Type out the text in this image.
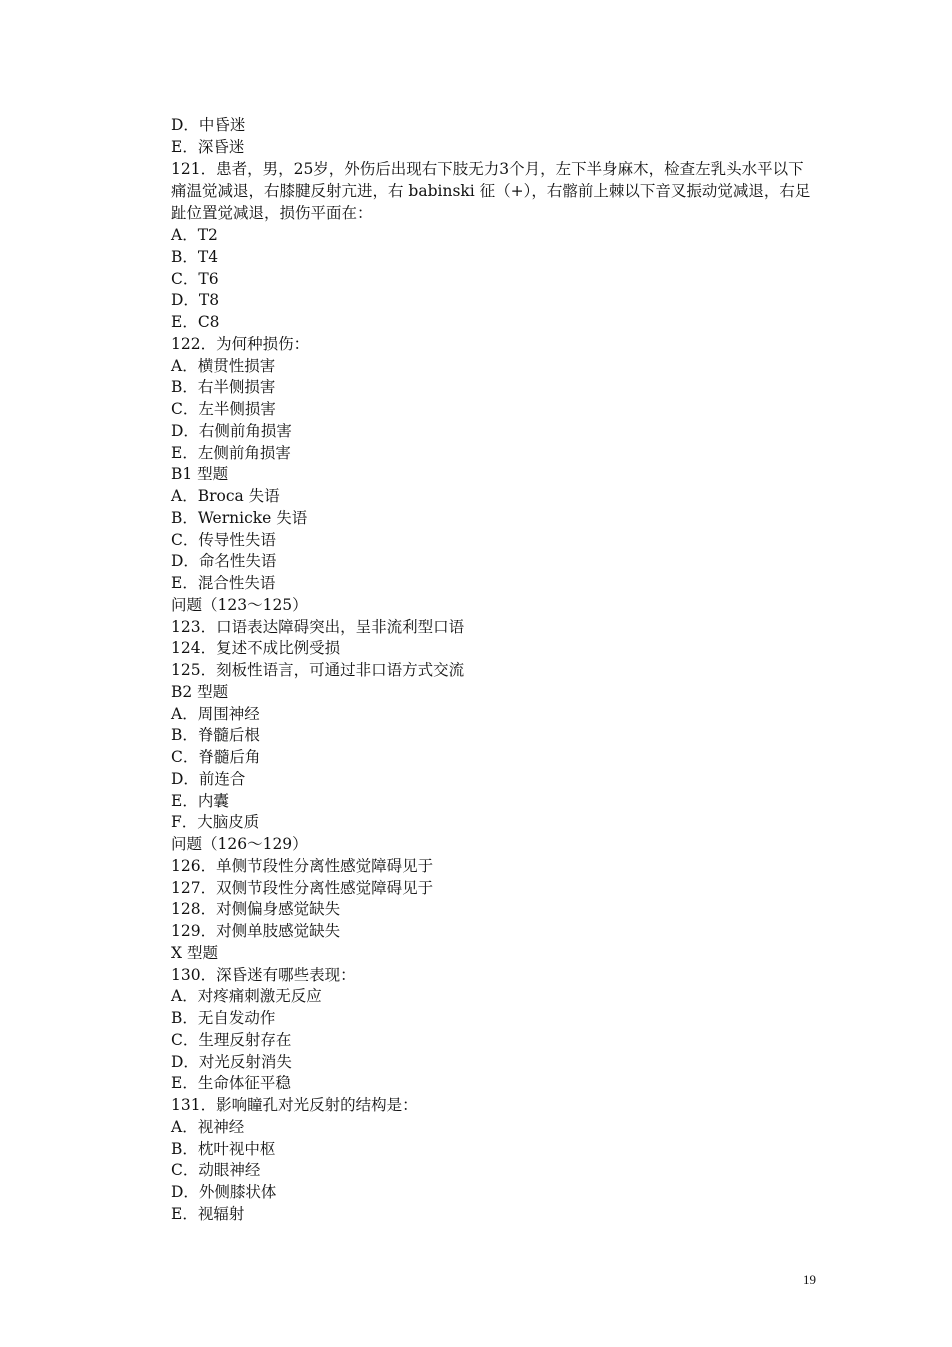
D．中昏迷
E．深昏迷
121．患者，男，25岁，外伤后出现右下肢无力3个月，左下半身麻木，检查左乳头水平以下痛温觉减退，右膝腱反射亢进，右 babinski 征（+），右髂前上棘以下音叉振动觉减退，右足趾位置觉减退，损伤平面在：
A．T2
B．T4
C．T6
D．T8
E．C8
122．为何种损伤：
A．横贯性损害
B．右半侧损害
C．左半侧损害
D．右侧前角损害
E．左侧前角损害
B1 型题
A．Broca 失语
B．Wernicke 失语
C．传导性失语
D．命名性失语
E．混合性失语
问题（123～125）
123．口语表达障碍突出，呈非流利型口语
124．复述不成比例受损
125．刻板性语言，可通过非口语方式交流
B2 型题
A．周围神经
B．脊髓后根
C．脊髓后角
D．前连合
E．内囊
F．大脑皮质
问题（126～129）
126．单侧节段性分离性感觉障碍见于
127．双侧节段性分离性感觉障碍见于
128．对侧偏身感觉缺失
129．对侧单肢感觉缺失
X 型题
130．深昏迷有哪些表现：
A．对疼痛刺激无反应
B．无自发动作
C．生理反射存在
D．对光反射消失
E．生命体征平稳
131．影响瞳孔对光反射的结构是：
A．视神经
B．枕叶视中枢
C．动眼神经
D．外侧膝状体
E．视辐射
19
